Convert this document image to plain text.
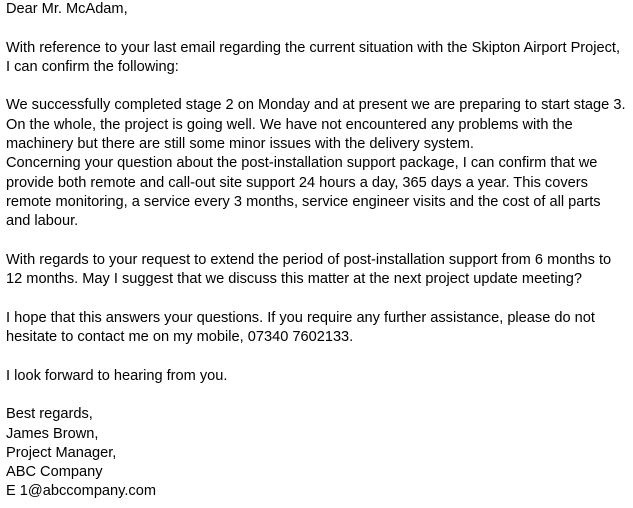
Dear Mr. McAdam,
With reference to your last email regarding the current situation with the Skipton Airport Project,
I can confirm the following:
We successfully completed stage 2 on Monday and at present we are preparing to start stage 3.
On the whole, the project is going well. We have not encountered any problems with the
machinery but there are still some minor issues with the delivery system.
Concerning your question about the post-installation support package, I can confirm that we
provide both remote and call-out site support 24 hours a day, 365 days a year. This covers
remote monitoring, a service every 3 months, service engineer visits and the cost of all parts
and labour.
With regards to your request to extend the period of post-installation support from 6 months to
12 months. May I suggest that we discuss this matter at the next project update meeting?
I hope that this answers your questions. If you require any further assistance, please do not
hesitate to contact me on my mobile, 07340 7602133.
I look forward to hearing from you.
Best regards,
James Brown,
Project Manager,
ABC Company
E 1@abccompany.com
